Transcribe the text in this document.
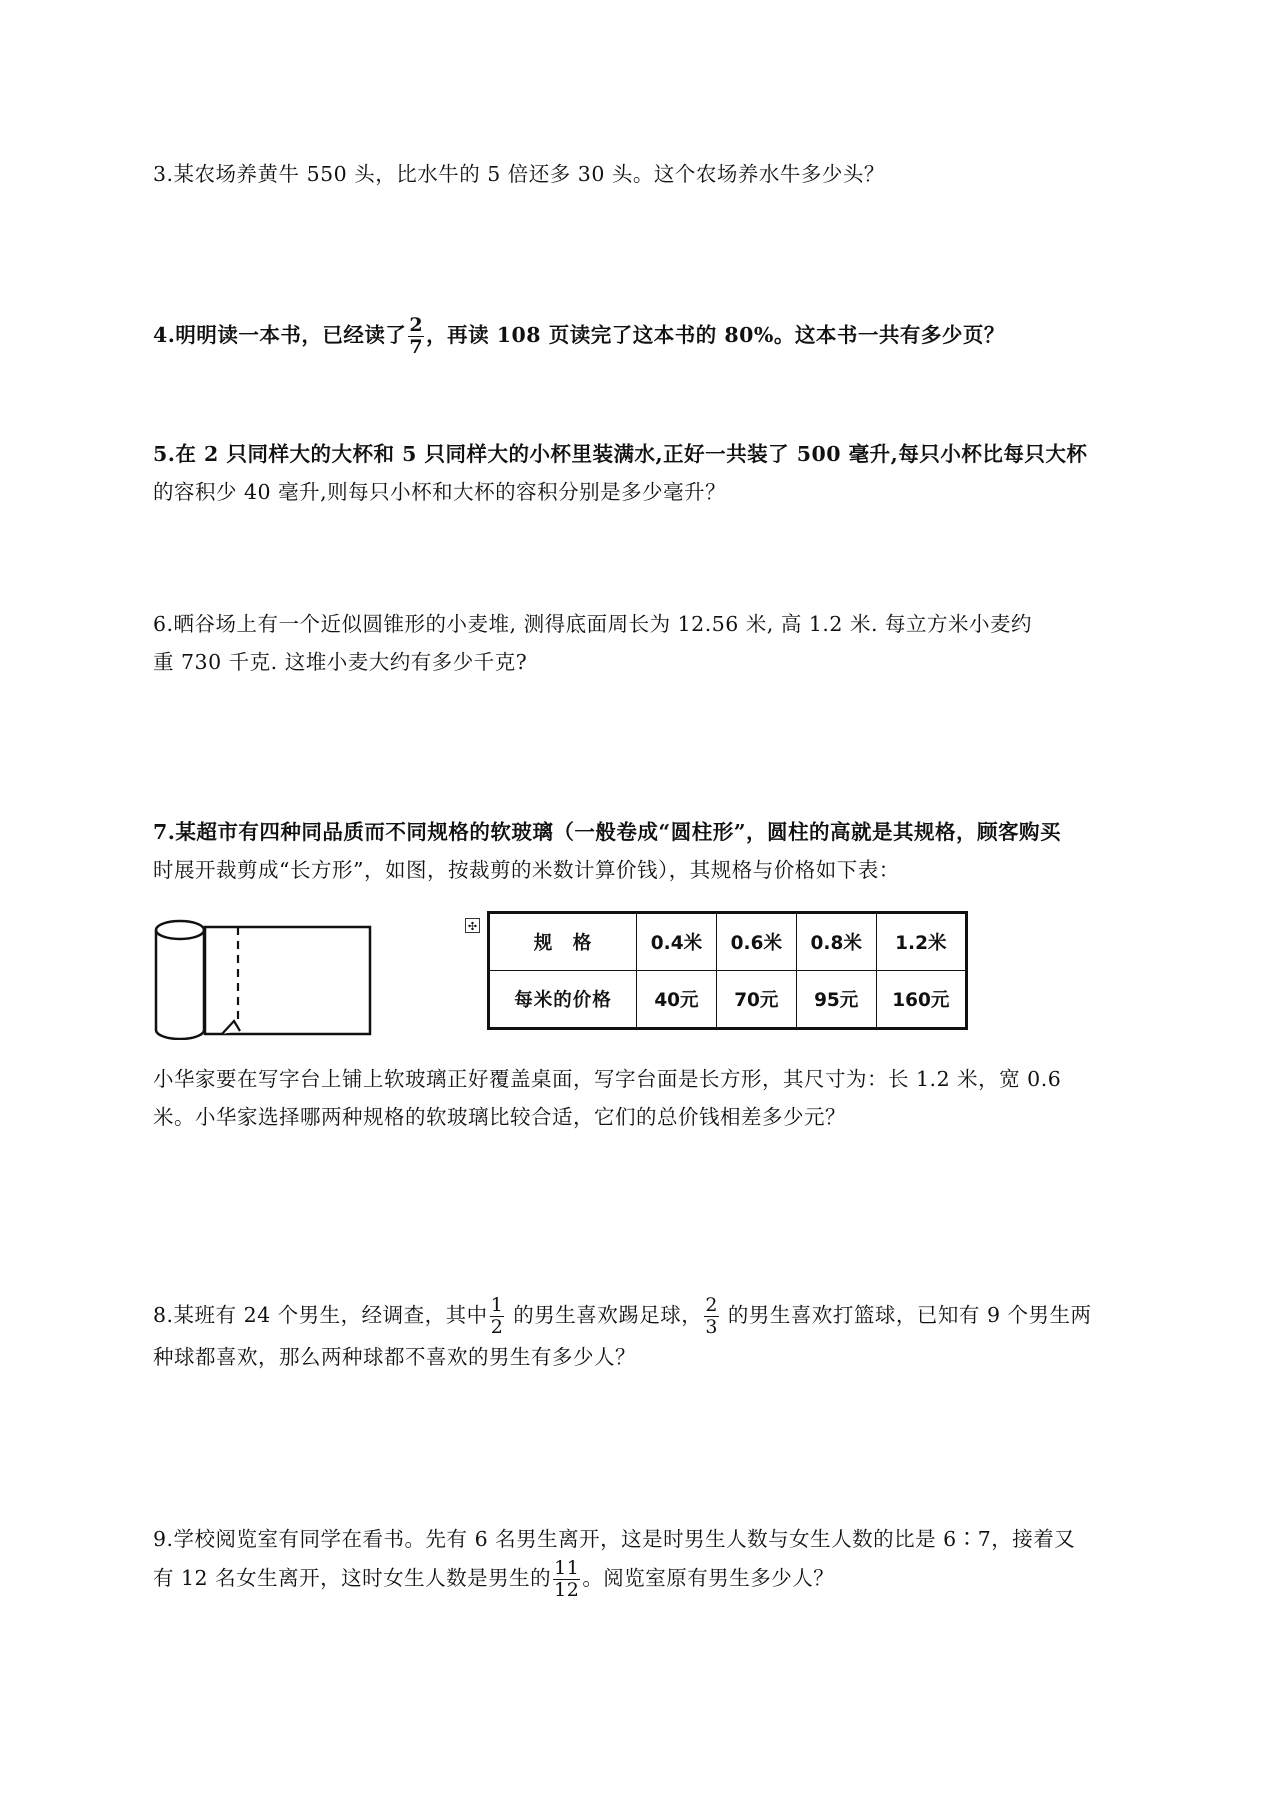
3.某农场养黄牛 550 头，比水牛的 5 倍还多 30 头。这个农场养水牛多少头？
4.明明读一本书，已经读了 $\frac{2}{7}$ ，再读 108 页读完了这本书的 80%。这本书一共有多少页？
5.在 2 只同样大的大杯和 5 只同样大的小杯里装满水,正好一共装了 500 毫升,每只小杯比每只大杯
的容积少 40 毫升,则每只小杯和大杯的容积分别是多少毫升？
6.晒谷场上有一个近似圆锥形的小麦堆, 测得底面周长为 12.56 米, 高 1.2 米. 每立方米小麦约
重 730 千克. 这堆小麦大约有多少千克?
7.某超市有四种同品质而不同规格的软玻璃（一般卷成“圆柱形”，圆柱的高就是其规格，顾客购买
时展开裁剪成“长方形”，如图，按裁剪的米数计算价钱），其规格与价格如下表：
✣
规　格	0.4米	0.6米	0.8米	1.2米
每米的价格	40元	70元	95元	160元
小华家要在写字台上铺上软玻璃正好覆盖桌面，写字台面是长方形，其尺寸为：长 1.2 米，宽 0.6
米。小华家选择哪两种规格的软玻璃比较合适，它们的总价钱相差多少元？
8.某班有 24 个男生，经调查，其中 $\frac{1}{2}$ 的男生喜欢踢足球， $\frac{2}{3}$ 的男生喜欢打篮球，已知有 9 个男生两
种球都喜欢，那么两种球都不喜欢的男生有多少人？
9.学校阅览室有同学在看书。先有 6 名男生离开，这是时男生人数与女生人数的比是 6∶7，接着又
有 12 名女生离开，这时女生人数是男生的 $\frac{11}{12}$ 。阅览室原有男生多少人？
